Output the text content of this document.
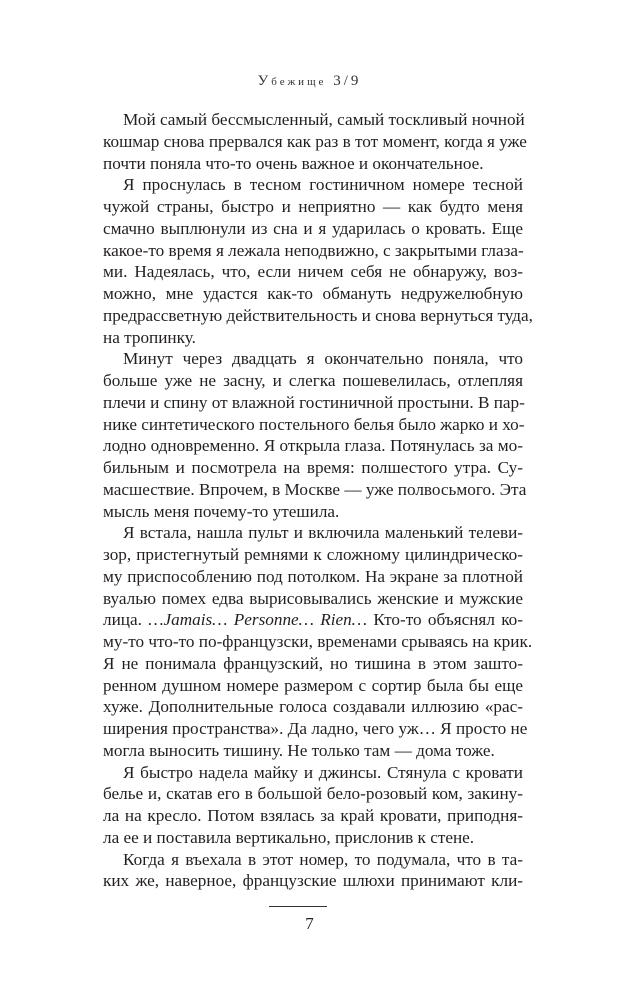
Убежище 3/9
Мой самый бессмысленный, самый тоскливый ночной
кошмар снова прервался как раз в тот момент, когда я уже
почти поняла что-то очень важное и окончательное.
Я проснулась в тесном гостиничном номере тесной
чужой страны, быстро и неприятно — как будто меня
смачно выплюнули из сна и я ударилась о кровать. Еще
какое-то время я лежала неподвижно, с закрытыми глаза-
ми. Надеялась, что, если ничем себя не обнаружу, воз-
можно, мне удастся как-то обмануть недружелюбную
предрассветную действительность и снова вернуться туда,
на тропинку.
Минут через двадцать я окончательно поняла, что
больше уже не засну, и слегка пошевелилась, отлепляя
плечи и спину от влажной гостиничной простыни. В пар-
нике синтетического постельного белья было жарко и хо-
лодно одновременно. Я открыла глаза. Потянулась за мо-
бильным и посмотрела на время: полшестого утра. Су-
масшествие. Впрочем, в Москве — уже полвосьмого. Эта
мысль меня почему-то утешила.
Я встала, нашла пульт и включила маленький телеви-
зор, пристегнутый ремнями к сложному цилиндрическо-
му приспособлению под потолком. На экране за плотной
вуалью помех едва вырисовывались женские и мужские
лица. …Jamais… Personne… Rien… Кто-то объяснял ко-
му-то что-то по-французски, временами срываясь на крик.
Я не понимала французский, но тишина в этом зашто-
ренном душном номере размером с сортир была бы еще
хуже. Дополнительные голоса создавали иллюзию «рас-
ширения пространства». Да ладно, чего уж… Я просто не
могла выносить тишину. Не только там — дома тоже.
Я быстро надела майку и джинсы. Стянула с кровати
белье и, скатав его в большой бело-розовый ком, закину-
ла на кресло. Потом взялась за край кровати, приподня-
ла ее и поставила вертикально, прислонив к стене.
Когда я въехала в этот номер, то подумала, что в та-
ких же, наверное, французские шлюхи принимают кли-
7
